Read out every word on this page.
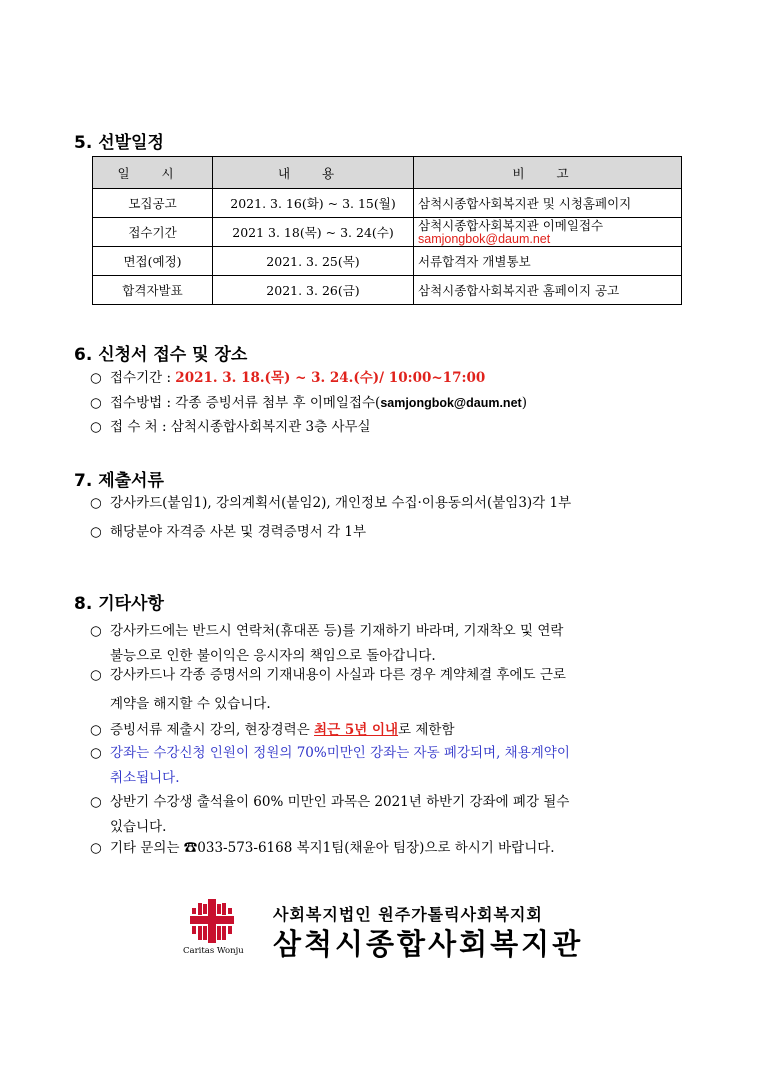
5. 선발일정
일 시	내 용	비 고
모집공고	2021. 3. 16(화) ~ 3. 15(월)	삼척시종합사회복지관 및 시청홈페이지
접수기간	2021 3. 18(목) ~ 3. 24(수)	삼척시종합사회복지관 이메일접수
samjongbok@daum.net

면접(예정)	2021. 3. 25(목)	서류합격자 개별통보
합격자발표	2021. 3. 26(금)	삼척시종합사회복지관 홈페이지 공고
6. 신청서 접수 및 장소
○ 접수기간 : 2021. 3. 18.(목) ~ 3. 24.(수)/ 10:00~17:00
○ 접수방법 : 각종 증빙서류 첨부 후 이메일접수(samjongbok@daum.net)
○ 접 수 처 : 삼척시종합사회복지관 3층 사무실
7. 제출서류
○ 강사카드(붙임1), 강의계획서(붙임2), 개인정보 수집·이용동의서(붙임3)각 1부
○ 해당분야 자격증 사본 및 경력증명서 각 1부
8. 기타사항
○ 강사카드에는 반드시 연락처(휴대폰 등)를 기재하기 바라며, 기재착오 및 연락
불능으로 인한 불이익은 응시자의 책임으로 돌아갑니다.
○ 강사카드나 각종 증명서의 기재내용이 사실과 다른 경우 계약체결 후에도 근로
계약을 해지할 수 있습니다.
○ 증빙서류 제출시 강의, 현장경력은 최근 5년 이내로 제한함
○ 강좌는 수강신청 인원이 정원의 70%미만인 강좌는 자동 폐강되며, 채용계약이
취소됩니다.
○ 상반기 수강생 출석율이 60% 미만인 과목은 2021년 하반기 강좌에 폐강 될수
있습니다.
○ 기타 문의는 ☎033-573-6168 복지1팀(채윤아 팀장)으로 하시기 바랍니다.
Caritas Wonju
사회복지법인 원주가톨릭사회복지회
삼척시종합사회복지관
